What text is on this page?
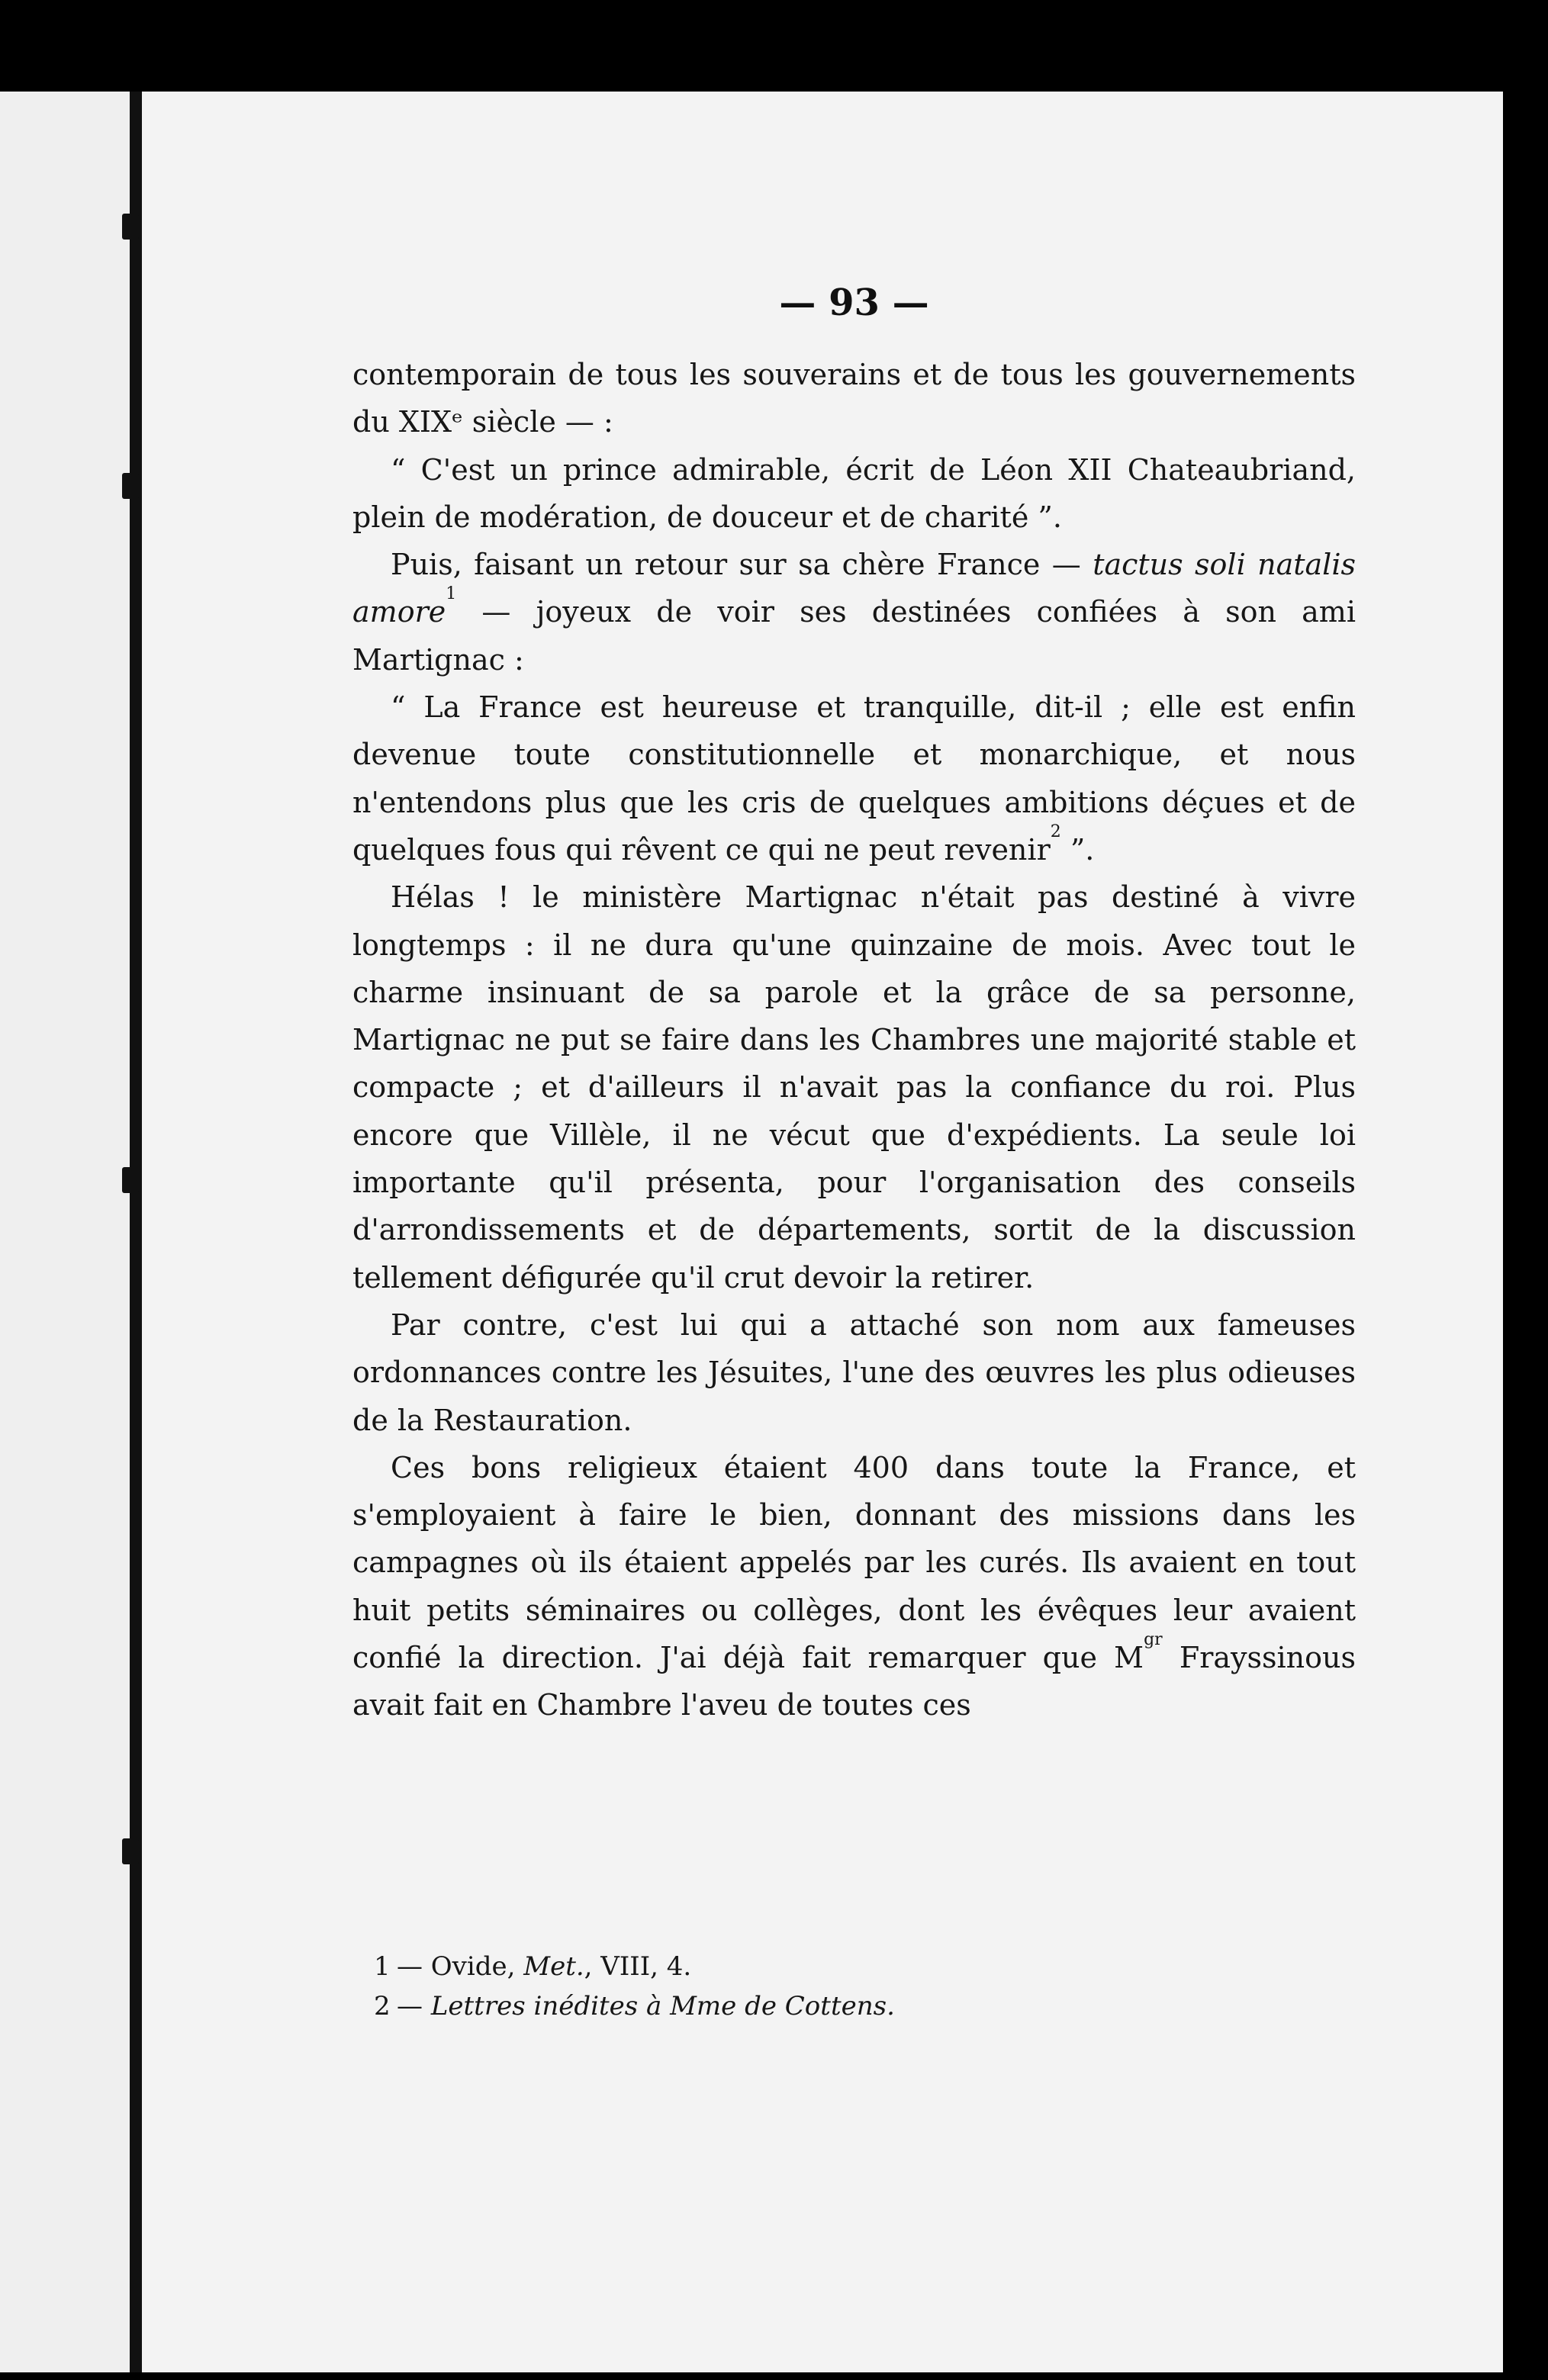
— 93 —

contemporain de tous les souverains et de tous les gouvernements du XIXᵉ siècle — :

“ C'est un prince admirable, écrit de Léon XII Chateaubriand, plein de modération, de douceur et de charité ”.

Puis, faisant un retour sur sa chère France — tactus soli natalis amore$^1$ — joyeux de voir ses destinées confiées à son ami Martignac :

“ La France est heureuse et tranquille, dit-il ; elle est enfin devenue toute constitutionnelle et monarchique, et nous n'entendons plus que les cris de quelques ambitions déçues et de quelques fous qui rêvent ce qui ne peut revenir$^2$ ”.

Hélas ! le ministère Martignac n'était pas destiné à vivre longtemps : il ne dura qu'une quinzaine de mois. Avec tout le charme insinuant de sa parole et la grâce de sa personne, Martignac ne put se faire dans les Chambres une majorité stable et compacte ; et d'ailleurs il n'avait pas la confiance du roi. Plus encore que Villèle, il ne vécut que d'expédients. La seule loi importante qu'il présenta, pour l'organisation des conseils d'arrondissements et de départements, sortit de la discussion tellement défigurée qu'il crut devoir la retirer.

Par contre, c'est lui qui a attaché son nom aux fameuses ordonnances contre les Jésuites, l'une des œuvres les plus odieuses de la Restauration.

Ces bons religieux étaient 400 dans toute la France, et s'employaient à faire le bien, donnant des missions dans les campagnes où ils étaient appelés par les curés. Ils avaient en tout huit petits séminaires ou collèges, dont les évêques leur avaient confié la direction. J'ai déjà fait remarquer que $M^{gr}$ Frayssinous avait fait en Chambre l'aveu de toutes ces

1 — Ovide, Met., VIII, 4.

2 — Lettres inédites à Mme de Cottens.
